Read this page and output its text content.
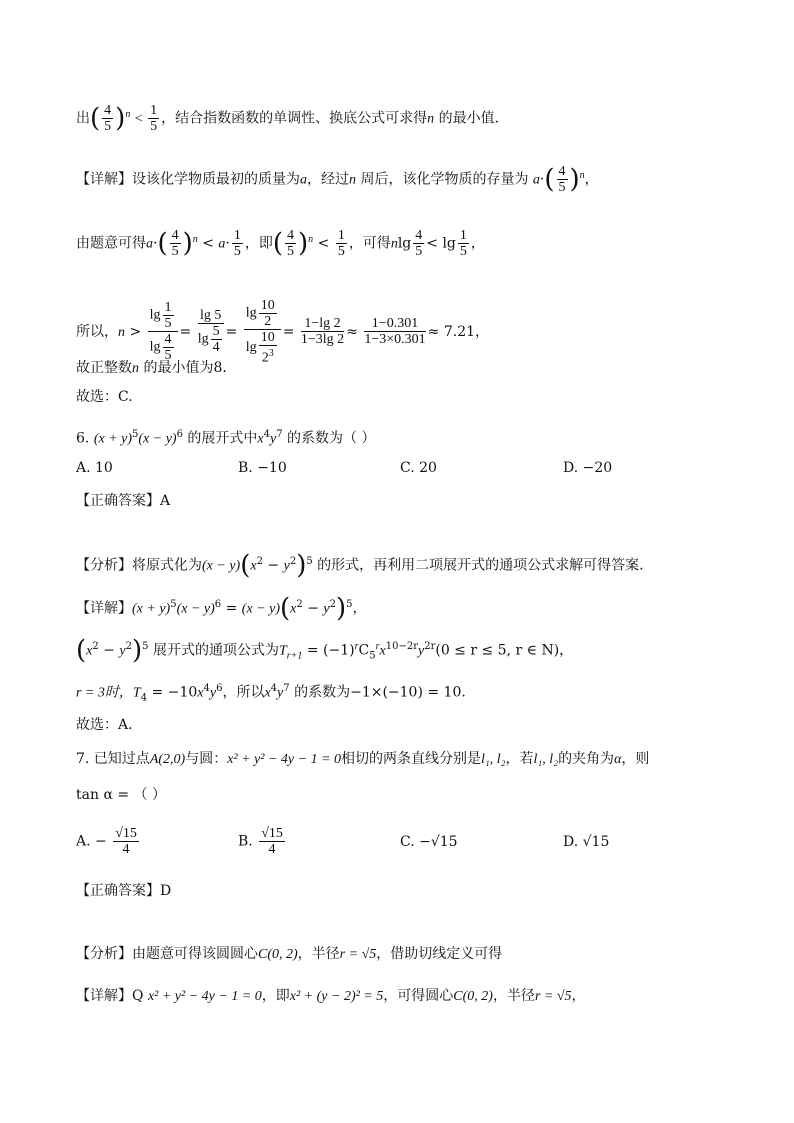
出( $\frac{4}{5} )^n < \frac{1}{5}$ ，结合指数函数的单调性、换底公式可求得n 的最小值.
【详解】设该化学物质最初的质量为a，经过n 周后，该化学物质的存量为 $a\cdot( \frac{4}{5} )^n$，
由题意可得$a\cdot( \frac{4}{5} )^n < a\cdot \frac{1}{5}$ ，即( $\frac{4}{5} )^n < \frac{1}{5}$ ，可得nlg $\frac{4}{5} < \lg \frac{1}{5}$ ，
所以，$n > \frac{\lg \frac{1}{5}}{\lg \frac{4}{5}} = \frac{\lg 5}{\lg \frac{5}{4}} = \frac{\lg \frac{10}{2}}{\lg \frac{10}{2^3}} = \frac{1-\lg 2}{1-3\lg 2} \approx \frac{1-0.301}{1-3\times 0.301} \approx 7.21$，
故正整数n 的最小值为8.
故选：C.
6. $(x + y)^5(x - y)^6$ 的展开式中$x^4y^7$ 的系数为（ ）
A. 10	B. −10	C. 20	D. −20
【正确答案】A
【分析】将原式化为$(x - y)(x^2 - y^2)^5$ 的形式，再利用二项展开式的通项公式求解可得答案.
【详解】$(x + y)^5(x - y)^6 = (x - y)(x^2 - y^2)^5$，
$(x^2 - y^2)^5$ 展开式的通项公式为$T_{r+1} = (-1)^rC_5^rx^{10-2r}y^{2r}(0 \le r \le 5$, r ∈ N)，
r = 3时，$T_4 = -10x^4y^6$，所以$x^4y^7$ 的系数为−1×(−10) = 10.
故选：A.
7. 已知过点A(2,0)与圆：x² + y² − 4y − 1 = 0相切的两条直线分别是l₁, l₂，若l₁, l₂的夹角为α，则
tan α = （ ）
A. − $\frac{√15}{4}$	B. $\frac{√15}{4}$	C. −√15	D. √15
【正确答案】D
【分析】由题意可得该圆圆心C(0, 2)，半径r = √5，借助切线定义可得
【详解】Q x² + y² − 4y − 1 = 0，即x² + (y − 2)² = 5，可得圆心C(0, 2)，半径r = √5，
